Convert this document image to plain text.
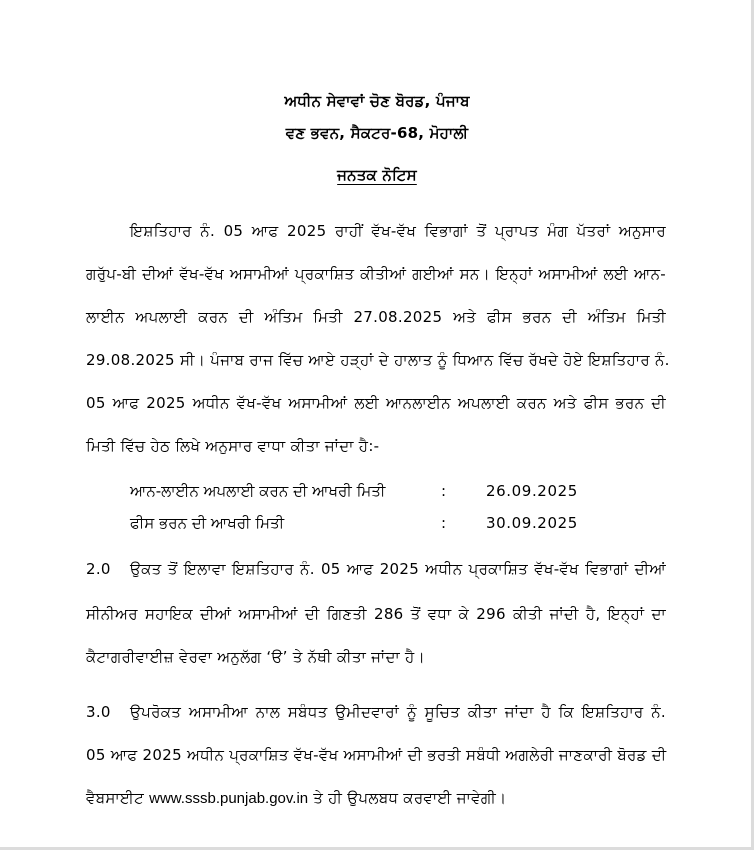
ਅਧੀਨ ਸੇਵਾਵਾਂ ਚੋਣ ਬੋਰਡ, ਪੰਜਾਬ
ਵਣ ਭਵਨ, ਸੈਕਟਰ-68, ਮੋਹਾਲੀ
ਜਨਤਕ ਨੋਟਿਸ
ਇਸ਼ਤਿਹਾਰ ਨੰ. 05 ਆਫ 2025 ਰਾਹੀਂ ਵੱਖ-ਵੱਖ ਵਿਭਾਗਾਂ ਤੋਂ ਪ੍ਰਾਪਤ ਮੰਗ ਪੱਤਰਾਂ ਅਨੁਸਾਰ
ਗਰੁੱਪ-ਬੀ ਦੀਆਂ ਵੱਖ-ਵੱਖ ਅਸਾਮੀਆਂ ਪ੍ਰਕਾਸ਼ਿਤ ਕੀਤੀਆਂ ਗਈਆਂ ਸਨ। ਇਨ੍ਹਾਂ ਅਸਾਮੀਆਂ ਲਈ ਆਨ-
ਲਾਈਨ ਅਪਲਾਈ ਕਰਨ ਦੀ ਅੰਤਿਮ ਮਿਤੀ 27.08.2025 ਅਤੇ ਫੀਸ ਭਰਨ ਦੀ ਅੰਤਿਮ ਮਿਤੀ
29.08.2025 ਸੀ। ਪੰਜਾਬ ਰਾਜ ਵਿੱਚ ਆਏ ਹੜ੍ਹਾਂ ਦੇ ਹਾਲਾਤ ਨੂੰ ਧਿਆਨ ਵਿੱਚ ਰੱਖਦੇ ਹੋਏ ਇਸ਼ਤਿਹਾਰ ਨੰ.
05 ਆਫ 2025 ਅਧੀਨ ਵੱਖ-ਵੱਖ ਅਸਾਮੀਆਂ ਲਈ ਆਨਲਾਈਨ ਅਪਲਾਈ ਕਰਨ ਅਤੇ ਫੀਸ ਭਰਨ ਦੀ
ਮਿਤੀ ਵਿੱਚ ਹੇਠ ਲਿਖੇ ਅਨੁਸਾਰ ਵਾਧਾ ਕੀਤਾ ਜਾਂਦਾ ਹੈ:-
ਆਨ-ਲਾਈਨ ਅਪਲਾਈ ਕਰਨ ਦੀ ਆਖਰੀ ਮਿਤੀ	:	26.09.2025
ਫੀਸ ਭਰਨ ਦੀ ਆਖਰੀ ਮਿਤੀ	:	30.09.2025
2.0 ਉਕਤ ਤੋਂ ਇਲਾਵਾ ਇਸ਼ਤਿਹਾਰ ਨੰ. 05 ਆਫ 2025 ਅਧੀਨ ਪ੍ਰਕਾਸ਼ਿਤ ਵੱਖ-ਵੱਖ ਵਿਭਾਗਾਂ ਦੀਆਂ
ਸੀਨੀਅਰ ਸਹਾਇਕ ਦੀਆਂ ਅਸਾਮੀਆਂ ਦੀ ਗਿਣਤੀ 286 ਤੋਂ ਵਧਾ ਕੇ 296 ਕੀਤੀ ਜਾਂਦੀ ਹੈ, ਇਨ੍ਹਾਂ ਦਾ
ਕੈਟਾਗਰੀਵਾਈਜ਼ ਵੇਰਵਾ ਅਨੁਲੱਗ ‘ੳ’ ਤੇ ਨੱਥੀ ਕੀਤਾ ਜਾਂਦਾ ਹੈ।
3.0 ਉਪਰੋਕਤ ਅਸਾਮੀਆ ਨਾਲ ਸਬੰਧਤ ਉਮੀਦਵਾਰਾਂ ਨੂੰ ਸੂਚਿਤ ਕੀਤਾ ਜਾਂਦਾ ਹੈ ਕਿ ਇਸ਼ਤਿਹਾਰ ਨੰ.
05 ਆਫ 2025 ਅਧੀਨ ਪ੍ਰਕਾਸ਼ਿਤ ਵੱਖ-ਵੱਖ ਅਸਾਮੀਆਂ ਦੀ ਭਰਤੀ ਸਬੰਧੀ ਅਗਲੇਰੀ ਜਾਣਕਾਰੀ ਬੋਰਡ ਦੀ
ਵੈਬਸਾਈਟ www.sssb.punjab.gov.in ਤੇ ਹੀ ਉਪਲਬਧ ਕਰਵਾਈ ਜਾਵੇਗੀ।
